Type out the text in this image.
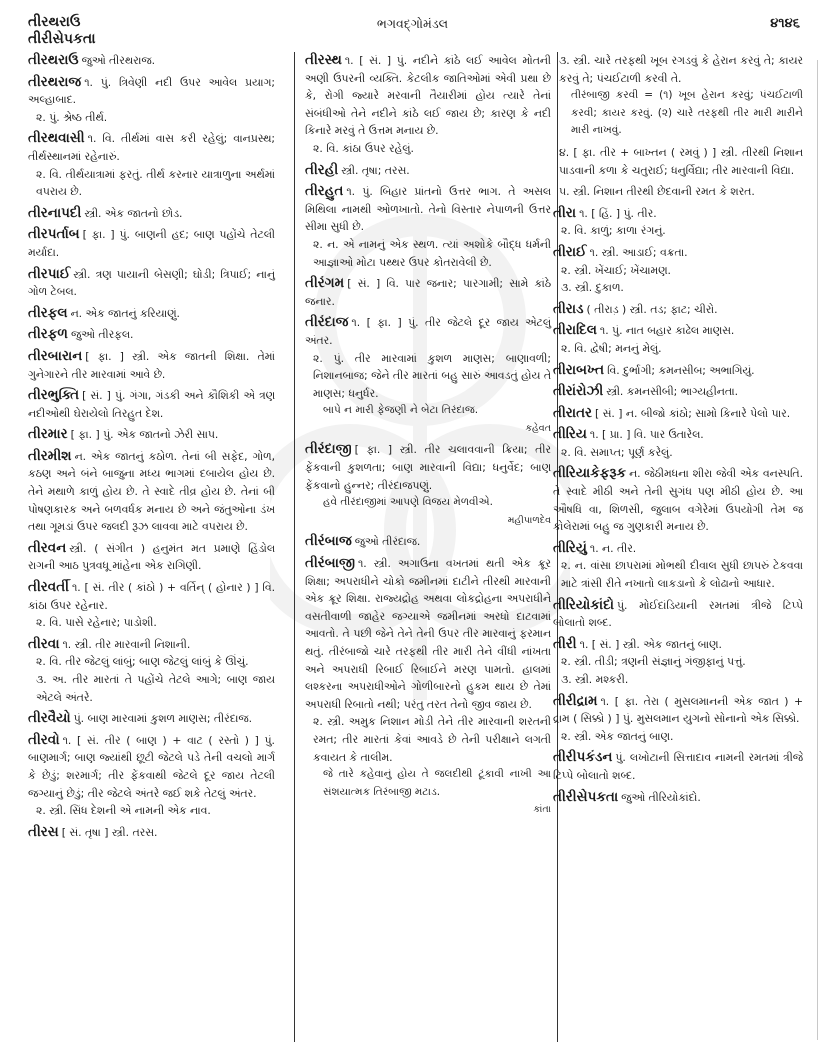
તીરથરાઉ
તીરીસેપકતા
ભગવદ્ગોમંડલ	૪૧૪૬
તીરથરાઉ જુઓ તીરથરાજ.
તીરથરાજ ૧. પું. ત્રિવેણી નદી ઉપર આવેલ પ્રયાગ; અલ્હાબાદ.
૨. પું. શ્રેષ્ઠ તીર્થ.
તીરથવાસી ૧. વિ. તીર્થમાં વાસ કરી રહેલું; વાનપ્રસ્થ; તીર્થસ્થાનમાં રહેનારું.
૨. વિ. તીર્થયાત્રામાં ફરતું. તીર્થ કરનાર યાત્રાળુના અર્થમાં વપરાય છે.
તીરનાપદી સ્ત્રી. એક જાતનો છોડ.
તીરપર્તાબ [ ફા. ] પું. બાણની હદ; બાણ પહોંચે તેટલી મર્યાદા.
તીરપાઈ સ્ત્રી. ત્રણ પાયાની બેસણી; ઘોડી; ત્રિપાઈ; નાનું ગોળ ટેબલ.
તીરફલ ન. એક જાતનું કરિયાણું.
તીરફળ જુઓ તીરફલ.
તીરબારાન [ ફા. ] સ્ત્રી. એક જાતની શિક્ષા. તેમાં ગુનેગારને તીર મારવામાં આવે છે.
તીરભુક્તિ [ સં. ] પું. ગંગા, ગંડકી અને કૌશિકી એ ત્રણ નદીઓથી ઘેરાયેલો તિરહુત દેશ.
તીરમાર [ ફા. ] પું. એક જાતનો ઝેરી સાપ.
તીરમીશ ન. એક જાતનું કઠોળ. તેનાં બી સફેદ, ગોળ, કઠણ અને બંને બાજુના મધ્ય ભાગમાં દબાયેલ હોય છે. તેને મથાળે કાળું હોય છે. તે સ્વાદે તીવ્ર હોય છે. તેનાં બી પોષણકારક અને બળવર્ધક મનાય છે અને જંતુઓના ડંખ તથા ગૂમડાં ઉપર જલદી રૂઝ લાવવા માટે વપરાય છે.
તીરવન સ્ત્રી. ( સંગીત ) હનુમંત મત પ્રમાણે હિંડોલ રાગની આઠ પુત્રવધૂ માંહેના એક રાગિણી.
તીરવર્તી ૧. [ સં. તીર ( કાંઠો ) + વર્તિન્ ( હોનાર ) ] વિ. કાંઠા ઉપર રહેનાર.
૨. વિ. પાસે રહેનાર; પાડોશી.
તીરવા ૧. સ્ત્રી. તીર મારવાની નિશાની.
૨. વિ. તીર જેટલું લાંબું; બાણ જેટલું લાંબું કે ઊંચું.
૩. અ. તીર મારતાં તે પહોંચે તેટલે આગે; બાણ જાય એટલે અંતરે.
તીરવૈયો પું. બાણ મારવામાં કુશળ માણસ; તીરંદાજ.
તીરવો ૧. [ સં. તીર ( બાણ ) + વાટ ( રસ્તો ) ] પું. બાણમાર્ગ; બાણ જ્યાંથી છૂટી જેટલે પડે તેની વચલો માર્ગ કે છેડું; શરમાર્ગ; તીર ફેંકવાથી જેટલે દૂર જાય તેટલી જગ્યાનું છેડું; તીર જેટલે અંતરે જઈ શકે તેટલું અંતર.
૨. સ્ત્રી. સિંધ દેશની એ નામની એક નાવ.
તીરસ [ સં. તૃષા ] સ્ત્રી. તરસ.
તીરસ્થ ૧. [ સં. ] પું. નદીને કાંઠે લઈ આવેલ મોતની અણી ઉપરની વ્યક્તિ. કેટલીક જાતિઓમાં એવી પ્રથા છે કે, રોગી જ્યારે મરવાની તૈયારીમાં હોય ત્યારે તેનાં સંબંધીઓ તેને નદીને કાંઠે લઈ જાય છે; કારણ કે નદી કિનારે મરવું તે ઉત્તમ મનાય છે.
૨. વિ. કાંઠા ઉપર રહેલું.
તીરહી સ્ત્રી. તૃષા; તરસ.
તીરહુત ૧. પું. બિહાર પ્રાંતનો ઉત્તર ભાગ. તે અસલ મિથિલા નામથી ઓળખાતો. તેનો વિસ્તાર નેપાળની ઉત્તર સીમા સુધી છે.
૨. ન. એ નામનું એક સ્થળ. ત્યાં અશોકે બૌદ્ધ ધર્મની આજ્ઞાઓ મોટા પથ્થર ઉપર કોતરાવેલી છે.
તીરંગમ [ સં. ] વિ. પાર જનાર; પારગામી; સામે કાંઠે જનાર.
તીરંદાજ ૧. [ ફા. ] પું. તીર જેટલે દૂર જાય એટલું અંતર.
૨. પું. તીર મારવામાં કુશળ માણસ; બાણાવળી; નિશાનબાજ; જેને તીર મારતાં બહુ સારું આવડતું હોય તે માણસ; ધનુર્ધર.
બાપે ન મારી ફેજણી ને બેટા તિરંદાજ.
કહેવત
તીરંદાજી [ ફા. ] સ્ત્રી. તીર ચલાવવાની ક્રિયા; તીર ફેંકવાની કુશળતા; બાણ મારવાની વિદ્યા; ધનુર્વેદ; બાણ ફેંકવાનો હુન્નર; તીરંદાજપણું.
હવે તીરંદાજીમાં આપણે વિજય મેળવીએ.
મહીપાળદેવ
તીરંબાજ જુઓ તીરંદાજ.
તીરંબાજી ૧. સ્ત્રી. અગાઉના વખતમાં થતી એક ક્રૂર શિક્ષા; અપરાધીને ચોકો જમીનમાં દાટીને તીરથી મારવાની એક ક્રૂર શિક્ષા. રાજ્યદ્રોહ અથવા લોકદ્રોહના અપરાધીને વસતીવાળી જાહેર જગ્યાએ જમીનમાં અરધો દાટવામાં આવતો. તે પછી જેને તેને તેની ઉપર તીર મારવાનું ફરમાન થતું. તીરંબાજો ચારે તરફથી તીર મારી તેને વીંધી નાંખતા અને અપરાધી રિબાઈ રિબાઈને મરણ પામતો. હાલમાં લશ્કરના અપરાધીઓને ગોળીબારનો હુકમ થાય છે તેમાં અપરાધી રિબાતો નથી; પરંતુ તરત તેનો જીવ જાય છે.
૨. સ્ત્રી. અમુક નિશાન મોડી તેને તીર મારવાની શરતની રમત; તીર મારતાં કેવાં આવડે છે તેની પરીક્ષાને લગતી કવાયત કે તાલીમ.
જે તારે કહેવાનું હોય તે જલદીથી ટૂંકાવી નાખી આ સંશયાત્મક તિરંબાજી મટાડ.
કાંતા
૩. સ્ત્રી. ચારે તરફથી ખૂબ રગડવું કે હેરાન કરવું તે; કાયર કરવું તે; પંચઈટાળી કરવી તે.
તીરંબાજી કરવી = (૧) ખૂબ હેરાન કરવું; પંચઈટાળી કરવી; કાયર કરવું. (૨) ચારે તરફથી તીર મારી મારીને મારી નાખવું.
૪. [ ફા. તીર + બાખ્તન ( રમવું ) ] સ્ત્રી. તીરથી નિશાન પાડવાની કળા કે ચતુરાઈ; ધનુર્વિદ્યા; તીર મારવાની વિદ્યા.
૫. સ્ત્રી. નિશાન તીરથી છેદવાની રમત કે શરત.
તીરા ૧. [ હિં. ] પું. તીર.
૨. વિ. કાળું; કાળા રંગનું.
તીરાઈ ૧. સ્ત્રી. આડાઈ; વક્રતા.
૨. સ્ત્રી. ખેંચાઈ; ખેંચામણ.
૩. સ્ત્રી. દુકાળ.
તીરાડ ( તીરાડ઼ ) સ્ત્રી. તડ; ફાટ; ચીરો.
તીરાદિલ ૧. પું. નાત બહાર કાઢેલ માણસ.
૨. વિ. દ્વેષી; મનનું મેલું.
તીરાબખ્ત વિ. દુર્ભાગી; કમનસીબ; અભાગિયું.
તીરાંરોઝી સ્ત્રી. કમનસીબી; ભાગ્યહીનતા.
તીરાતર [ સં. ] ન. બીજો કાંઠો; સામો કિનારે પેલો પાર.
તીરિય ૧. [ પ્રા. ] વિ. પાર ઉતારેલ.
૨. વિ. સમાપ્ત; પૂર્ણ કરેલું.
તીરિયાકેફરૂક ન. જેઠીમધના શીરા જેવી એક વનસ્પતિ. તે સ્વાદે મીઠી અને તેની સુગંધ પણ મીઠી હોય છે. આ ઔષધિ વા, શિળસી, જુલાબ વગેરેમાં ઉપયોગી તેમ જ કોલેરામાં બહુ જ ગુણકારી મનાય છે.
તીરિયું ૧. ન. તીર.
૨. ન. વાંસા છાપરામાં મોભથી દીવાલ સુધી છાપરું ટેકવવા માટે ત્રાંસી રીતે નખાતો લાકડાનો કે લોઢાનો આધાર.
તીરિયોકાંદો પું. મોઈદાંડિયાની રમતમાં ત્રીજે ટિપ્પે બોલાતો શબ્દ.
તીરી ૧. [ સં. ] સ્ત્રી. એક જાતનું બાણ.
૨. સ્ત્રી. તીડી; ત્રણની સંજ્ઞાનું ગંજીફાનું પત્તું.
૩. સ્ત્રી. મશ્કરી.
તીરીદ્રામ ૧. [ ફા. તેરા ( મુસલમાનની એક જાત ) + દ્રામ ( સિક્કો ) ] પું. મુસલમાન યુગનો સોનાનો એક સિક્કો.
૨. સ્ત્રી. એક જાતનું બાણ.
તીરીપકંડન પું. લખોટાની સિત્તાદાવ નામની રમતમાં ત્રીજે ટિપ્પે બોલાતો શબ્દ.
તીરીસેપકતા જુઓ તીરિયોકાંદો.
